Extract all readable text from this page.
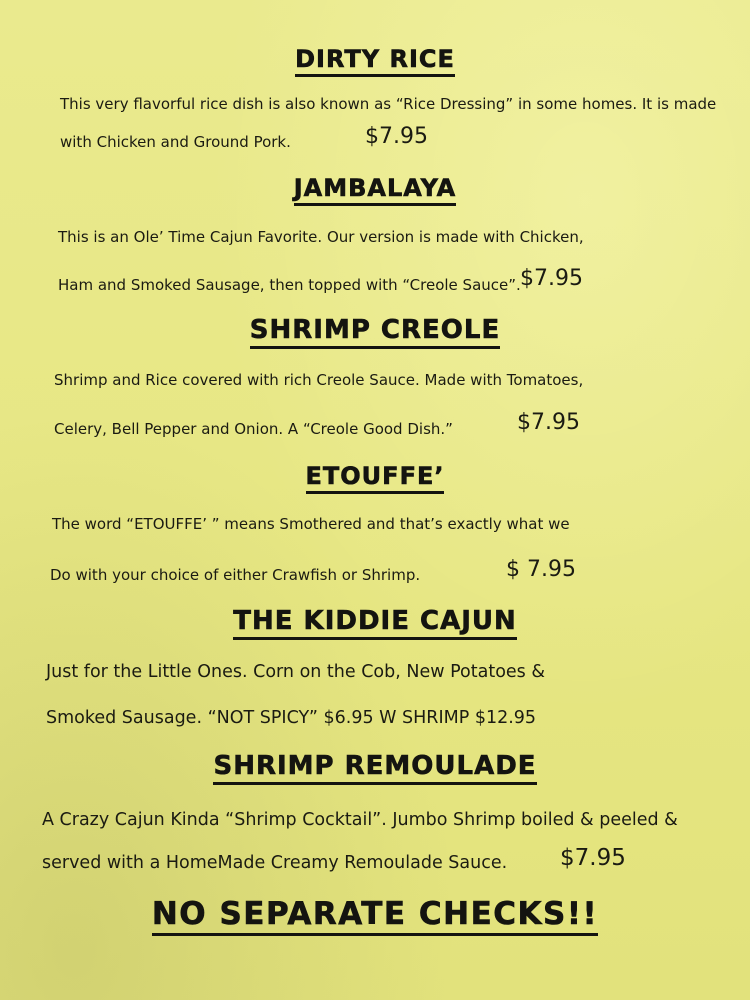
DIRTY RICE

This very flavorful rice dish is also known as “Rice Dressing” in some homes. It is made

with Chicken and Ground Pork.	$7.95
JAMBALAYA

This is an Ole’ Time Cajun Favorite. Our version is made with Chicken,

Ham and Smoked Sausage, then topped with “Creole Sauce”. $7.95
SHRIMP CREOLE

Shrimp and Rice covered with rich Creole Sauce. Made with Tomatoes,

Celery, Bell Pepper and Onion. A “Creole Good Dish.”	$7.95
ETOUFFE’

The word “ETOUFFE’ ” means Smothered and that’s exactly what we

Do with your choice of either Crawfish or Shrimp.	$ 7.95
THE KIDDIE CAJUN

Just for the Little Ones. Corn on the Cob, New Potatoes &

Smoked Sausage. “NOT SPICY” $6.95 W SHRIMP $12.95

SHRIMP REMOULADE

A Crazy Cajun Kinda “Shrimp Cocktail”. Jumbo Shrimp boiled & peeled &

served with a HomeMade Creamy Remoulade Sauce. $7.95
NO SEPARATE CHECKS!!
